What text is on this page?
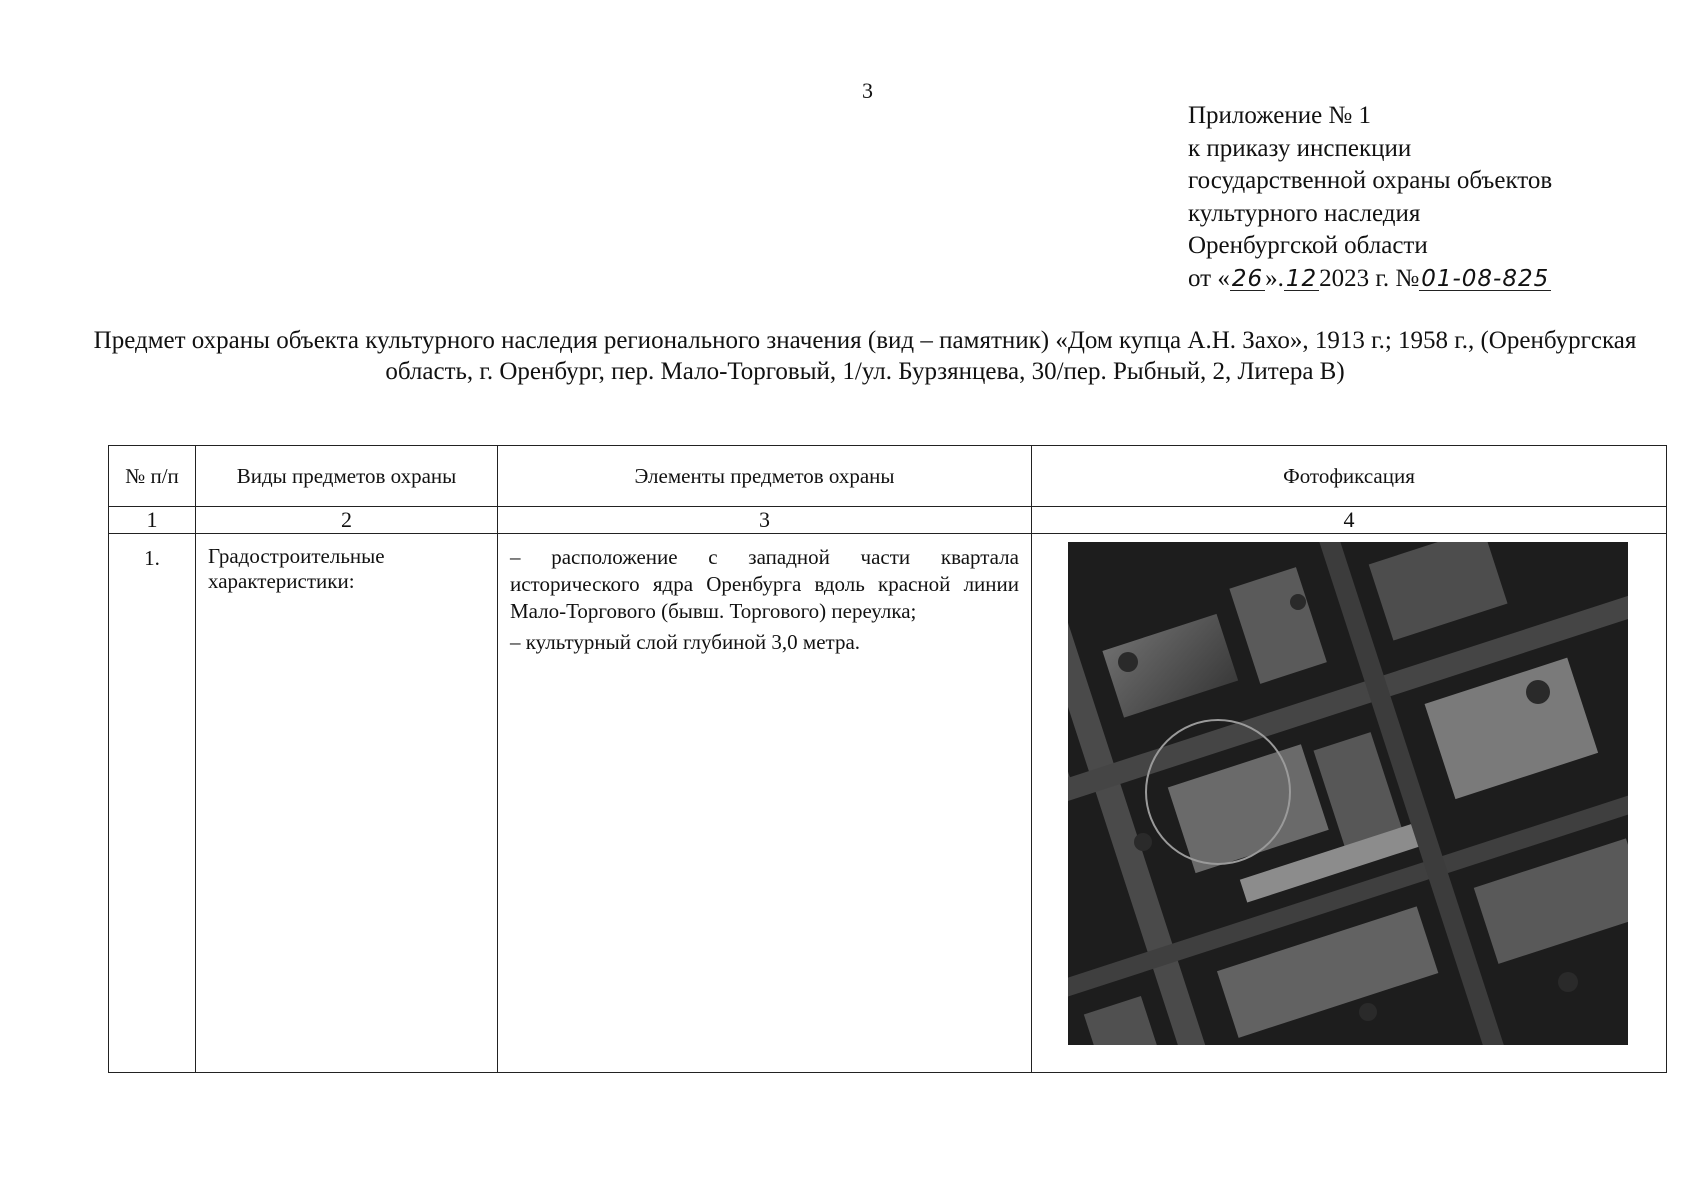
3
Приложение № 1
к приказу инспекции
государственной охраны объектов
культурного наследия
Оренбургской области
от «26».122023 г. №01-08-825
Предмет охраны объекта культурного наследия регионального значения (вид – памятник) «Дом купца А.Н. Захо», 1913 г.; 1958 г., (Оренбургская область, г. Оренбург, пер. Мало-Торговый, 1/ул. Бурзянцева, 30/пер. Рыбный, 2, Литера В)
№ п/п	Виды предметов охраны	Элементы предметов охраны	Фотофиксация
1	2	3	4
1.	Градостроительные характеристики:	– расположение с западной части квартала исторического ядра Оренбурга вдоль красной линии Мало-Торгового (бывш. Торгового) переулка;

– культурный слой глубиной 3,0 метра.
